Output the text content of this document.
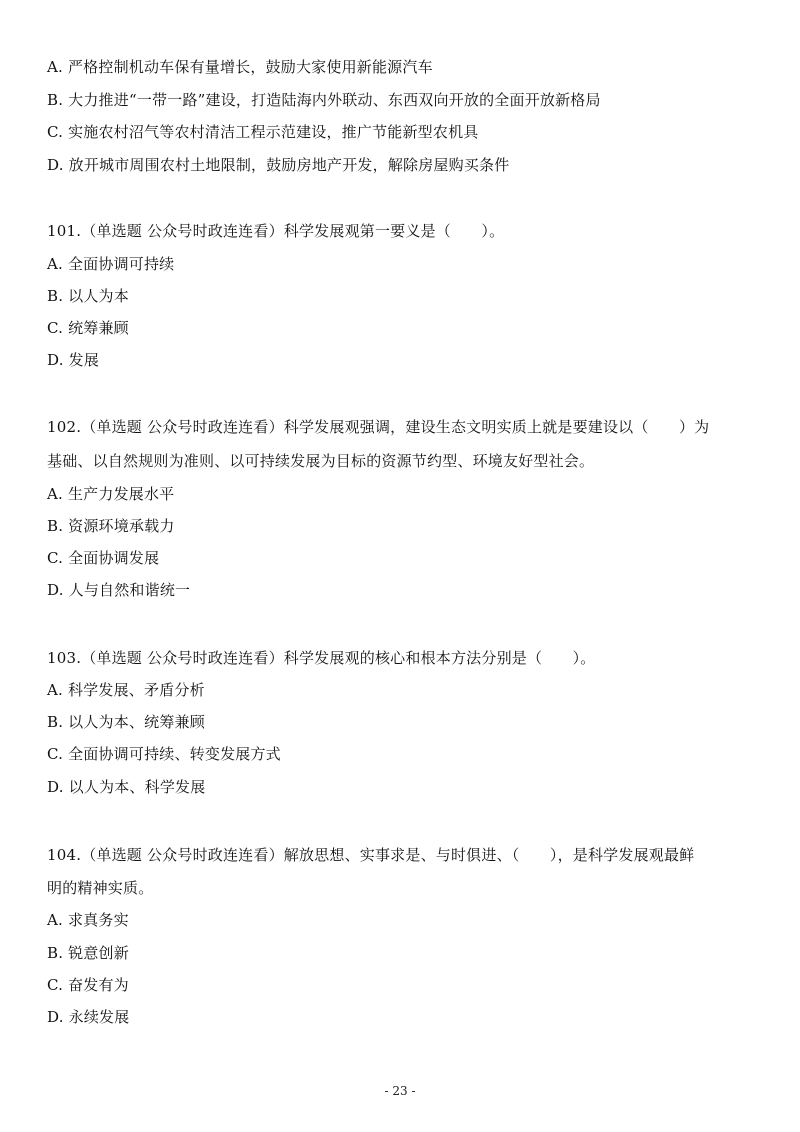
A. 严格控制机动车保有量增长，鼓励大家使用新能源汽车
B. 大力推进“一带一路”建设，打造陆海内外联动、东西双向开放的全面开放新格局
C. 实施农村沼气等农村清洁工程示范建设，推广节能新型农机具
D. 放开城市周围农村土地限制，鼓励房地产开发，解除房屋购买条件
101.（单选题 公众号时政连连看）科学发展观第一要义是（　　）。
A. 全面协调可持续
B. 以人为本
C. 统筹兼顾
D. 发展
102.（单选题 公众号时政连连看）科学发展观强调，建设生态文明实质上就是要建设以（　　）为
基础、以自然规则为准则、以可持续发展为目标的资源节约型、环境友好型社会。
A. 生产力发展水平
B. 资源环境承载力
C. 全面协调发展
D. 人与自然和谐统一
103.（单选题 公众号时政连连看）科学发展观的核心和根本方法分别是（　　）。
A. 科学发展、矛盾分析
B. 以人为本、统筹兼顾
C. 全面协调可持续、转变发展方式
D. 以人为本、科学发展
104.（单选题 公众号时政连连看）解放思想、实事求是、与时俱进、（　　），是科学发展观最鲜
明的精神实质。
A. 求真务实
B. 锐意创新
C. 奋发有为
D. 永续发展
- 23 -
